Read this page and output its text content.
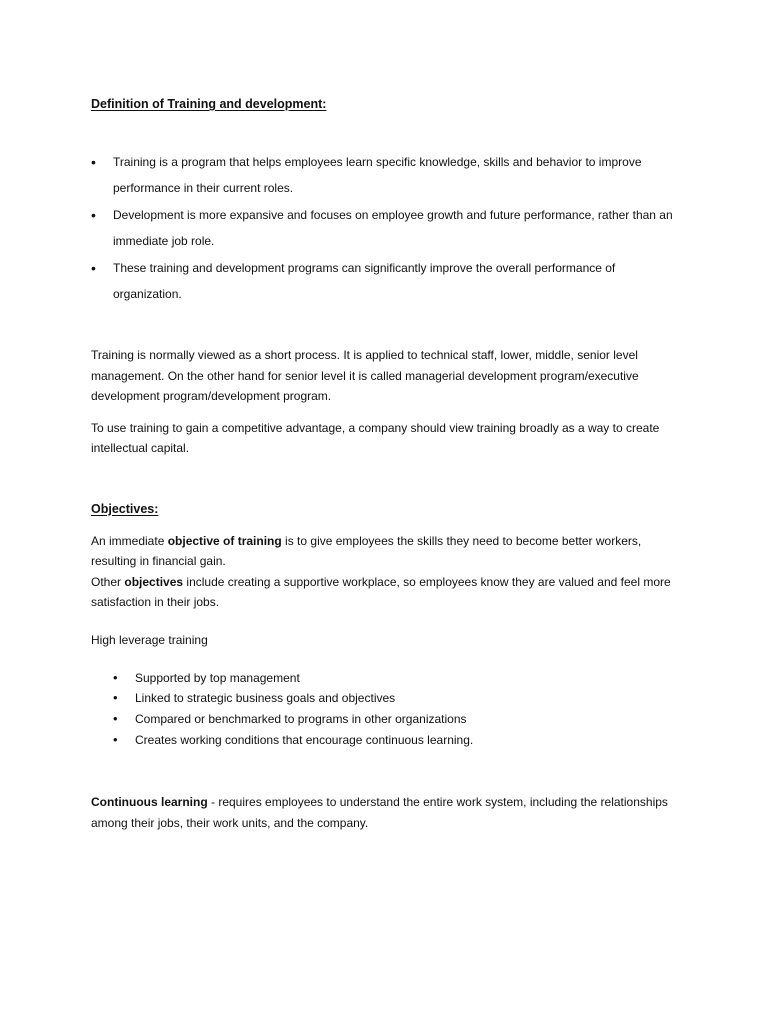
Definition of Training and development:
• Training is a program that helps employees learn specific knowledge, skills and behavior to improve performance in their current roles.
• Development is more expansive and focuses on employee growth and future performance, rather than an immediate job role.
• These training and development programs can significantly improve the overall performance of organization.

Training is normally viewed as a short process. It is applied to technical staff, lower, middle, senior level management. On the other hand for senior level it is called managerial development program/executive development program/development program.

To use training to gain a competitive advantage, a company should view training broadly as a way to create intellectual capital.

Objectives:

An immediate objective of training is to give employees the skills they need to become better workers, resulting in financial gain.
Other objectives include creating a supportive workplace, so employees know they are valued and feel more satisfaction in their jobs.

High leverage training

• Supported by top management
• Linked to strategic business goals and objectives
• Compared or benchmarked to programs in other organizations
• Creates working conditions that encourage continuous learning.

Continuous learning - requires employees to understand the entire work system, including the relationships among their jobs, their work units, and the company.
